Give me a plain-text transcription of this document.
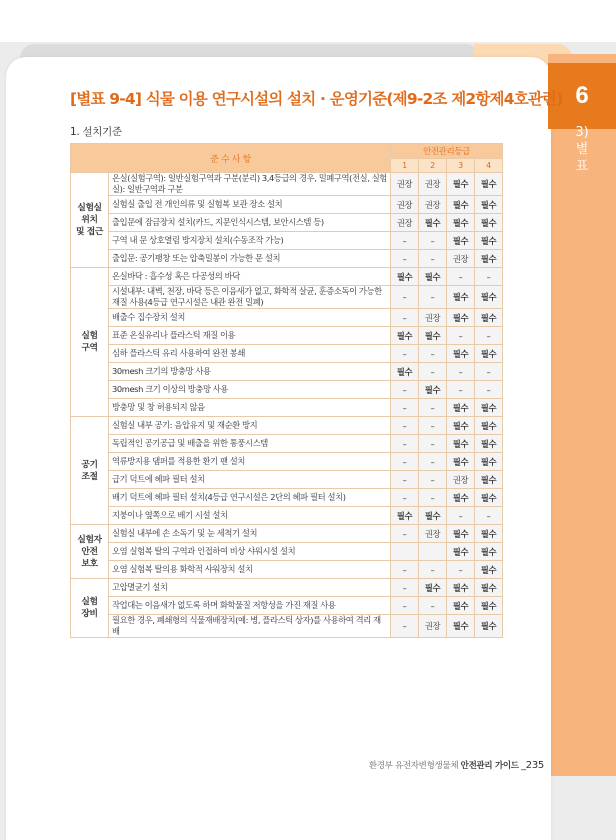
6
3)
별
표
[별표 9-4] 식물 이용 연구시설의 설치 · 운영기준(제9-2조 제2항제4호관련)
1. 설치기준
준 수 사 항		안전관리등급			
		1	2	3	4
실험실
위치
및 접근	온실(실험구역): 일반실험구역과 구분(분리) 3,4등급의 경우, 밀폐구역(전실, 실험실): 일반구역과 구분	권장	권장	필수	필수
	실험실 출입 전 개인의류 및 실험복 보관 장소 설치	권장	권장	필수	필수
	출입문에 잠금장치 설치(카드, 지문인식시스템, 보안시스템 등)	권장	필수	필수	필수
	구역 내 문 상호열림 방지장치 설치(수동조작 가능)	–	–	필수	필수
	출입문: 공기팽창 또는 압축밀봉이 가능한 문 설치	–	–	권장	필수
실험
구역	온실바닥 : 흡수성 혹은 다공성의 바닥	필수	필수	–	–
	시설내부: 내벽, 천장, 바닥 등은 이음새가 없고, 화학적 살균, 훈증소독이 가능한 재질 사용(4등급 연구시설은 내관 완전 밀폐)	–	–	필수	필수
	배출수 집수장치 설치	–	권장	필수	필수
	표준 온실유리나 플라스틱 재질 이용	필수	필수	–	–
	심하 플라스틱 유리 사용하여 완전 봉쇄	–	–	필수	필수
	30mesh 크기의 방충망 사용	필수	–	–	–
	30mesh 크기 이상의 방충망 사용	–	필수	–	–
	방충망 및 창 허용되지 않음	–	–	필수	필수
공기
조절	실험실 내부 공기: 음압유지 및 재순환 방지	–	–	필수	필수
	독립적인 공기공급 및 배출을 위한 통풍시스템	–	–	필수	필수
	역류방지용 댐퍼를 적용한 환기 팬 설치	–	–	필수	필수
	급기 덕트에 헤파 필터 설치	–	–	권장	필수
	배기 덕트에 헤파 필터 설치(4등급 연구시설은 2단의 헤파 필터 설치)	–	–	필수	필수
	지붕이나 옆쪽으로 배기 시설 설치	필수	필수	–	–
실험자
안전
보호	실험실 내부에 손 소독기 및 눈 세척기 설치	–	권장	필수	필수
	오염 실험복 탈의 구역과 인접하여 비상 샤워시설 설치			필수	필수
	오염 실험복 탈의용 화학적 샤워장치 설치	–	–	–	필수
실험
장비	고압멸균기 설치	–	필수	필수	필수
	작업대는 이음새가 없도록 하며 화학물질 저항성을 가진 재질 사용	–	–	필수	필수
	필요한 경우, 폐쇄형의 식물재배장치(예: 병, 플라스틱 상자)를 사용하여 격리 재배	–	권장	필수	필수
환경부 유전자변형생물체 안전관리 가이드 _235
